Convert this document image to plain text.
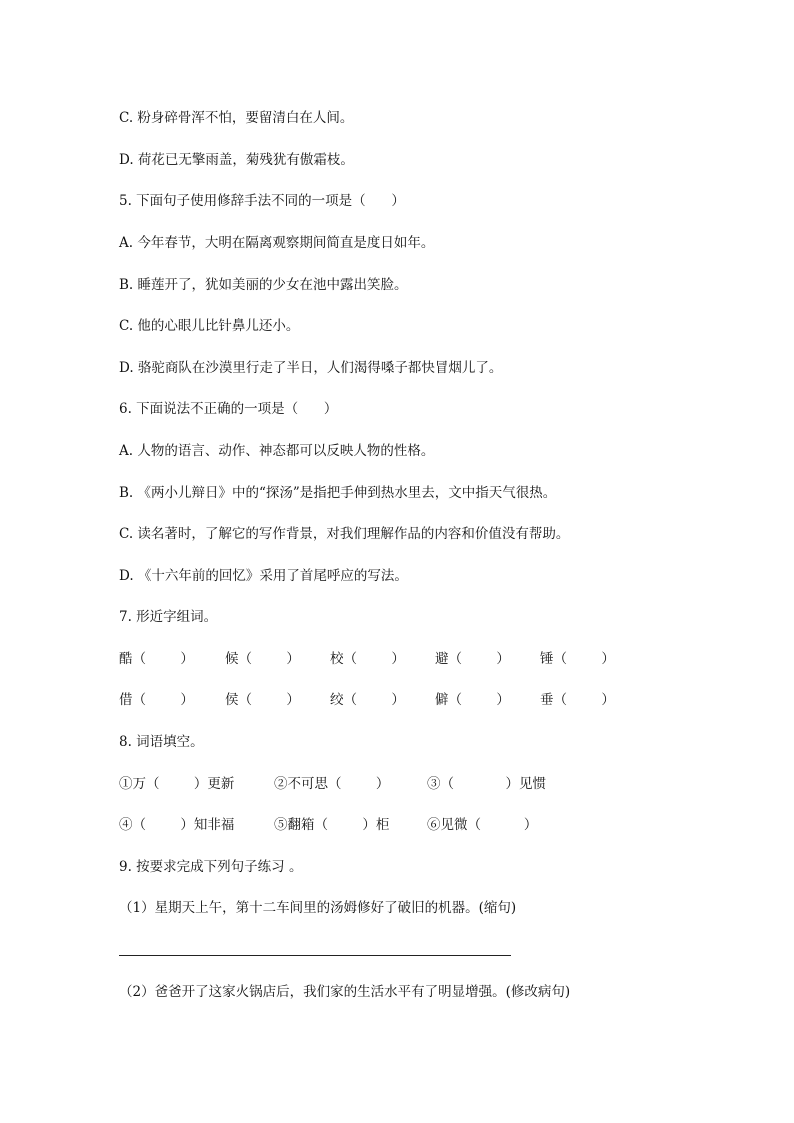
C. 粉身碎骨浑不怕，要留清白在人间。
D. 荷花已无擎雨盖，菊残犹有傲霜枝。
5. 下面句子使用修辞手法不同的一项是（      ）
A. 今年春节，大明在隔离观察期间简直是度日如年。
B. 睡莲开了，犹如美丽的少女在池中露出笑脸。
C. 他的心眼儿比针鼻儿还小。
D. 骆驼商队在沙漠里行走了半日，人们渴得嗓子都快冒烟儿了。
6. 下面说法不正确的一项是（      ）
A. 人物的语言、动作、神态都可以反映人物的性格。
B. 《两小儿辩日》中的“探汤”是指把手伸到热水里去，文中指天气很热。
C. 读名著时，了解它的写作背景，对我们理解作品的内容和价值没有帮助。
D. 《十六年前的回忆》采用了首尾呼应的写法。
7. 形近字组词。
酷（        ） 候（        ） 校（        ） 避（        ） 锤（        ）
借（        ） 侯（        ） 绞（        ） 僻（        ） 垂（        ）
8. 词语填空。
①万（        ）更新	②不可思（        ）	③（            ）见惯
④（        ）知非福	⑤翻箱（        ）柜	⑥见微（          ）
9. 按要求完成下列句子练习 。
（1）星期天上午，第十二车间里的汤姆修好了破旧的机器。(缩句)
（2）爸爸开了这家火锅店后，我们家的生活水平有了明显增强。(修改病句)
